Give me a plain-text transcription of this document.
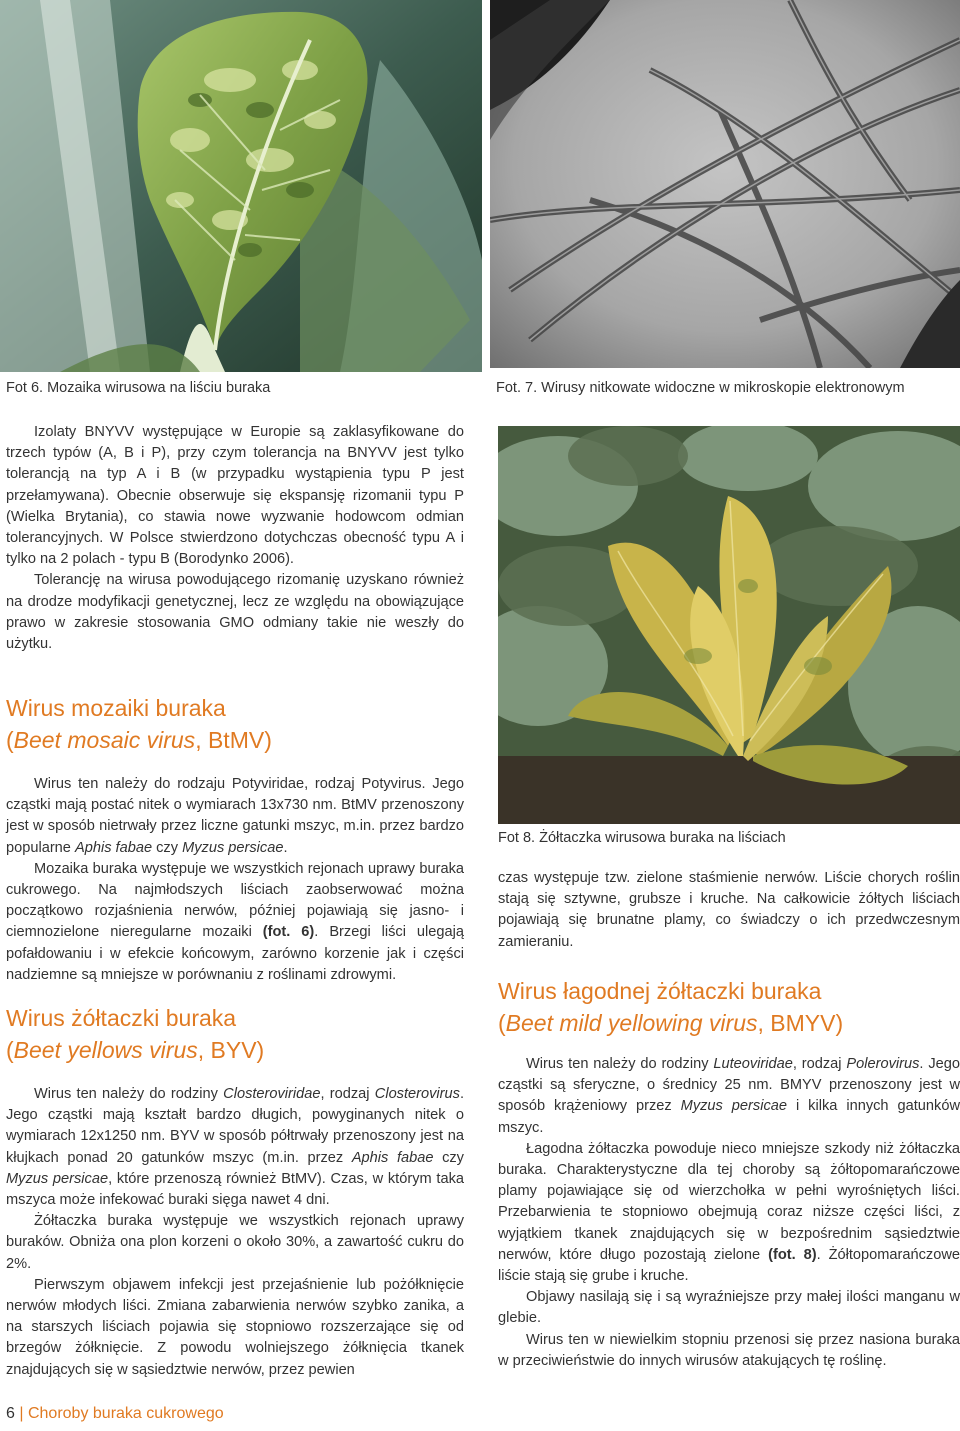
Fot 6. Mozaika wirusowa na liściu buraka	Fot. 7. Wirusy nitkowate widoczne w mikroskopie elektronowym
Fot 8. Żółtaczka wirusowa buraka na liściach

Izolaty BNYVV występujące w Europie są zaklasyfikowane do trzech typów (A, B i P), przy czym tolerancja na BNYVV jest tylko tolerancją na typ A i B (w przypadku wystąpienia typu P jest przełamywana). Obecnie obserwuje się ekspansję rizomanii typu P (Wielka Brytania), co stawia nowe wyzwanie hodowcom odmian tolerancyjnych. W Polsce stwierdzono dotychczas obecność typu A i tylko na 2 polach - typu B (Borodynko 2006).

Tolerancję na wirusa powodującego rizomanię uzyskano również na drodze modyfikacji genetycznej, lecz ze względu na obowiązujące prawo w zakresie stosowania GMO odmiany takie nie weszły do użytku.

Wirus mozaiki buraka
(Beet mosaic virus, BtMV)

Wirus ten należy do rodzaju Potyviridae, rodzaj Potyvirus. Jego cząstki mają postać nitek o wymiarach 13x730 nm. BtMV przenoszony jest w sposób nietrwały przez liczne gatunki mszyc, m.in. przez bardzo popularne Aphis fabae czy Myzus persicae.

Mozaika buraka występuje we wszystkich rejonach uprawy buraka cukrowego. Na najmłodszych liściach zaobserwować można początkowo rozjaśnienia nerwów, później pojawiają się jasno- i ciemnozielone nieregularne mozaiki (fot. 6). Brzegi liści ulegają pofałdowaniu i w efekcie końcowym, zarówno korzenie jak i części nadziemne są mniejsze w porównaniu z roślinami zdrowymi.

Wirus żółtaczki buraka
(Beet yellows virus, BYV)

Wirus ten należy do rodziny Closteroviridae, rodzaj Closterovirus. Jego cząstki mają kształt bardzo długich, powyginanych nitek o wymiarach 12x1250 nm. BYV w sposób półtrwały przenoszony jest na kłujkach ponad 20 gatunków mszyc (m.in. przez Aphis fabae czy Myzus persicae, które przenoszą również BtMV). Czas, w którym taka mszyca może infekować buraki sięga nawet 4 dni.

Żółtaczka buraka występuje we wszystkich rejonach uprawy buraków. Obniża ona plon korzeni o około 30%, a zawartość cukru do 2%.

Pierwszym objawem infekcji jest przejaśnienie lub pożółknięcie nerwów młodych liści. Zmiana zabarwienia nerwów szybko zanika, a na starszych liściach pojawia się stopniowo rozszerzające się od brzegów żółknięcie. Z powodu wolniejszego żółknięcia tkanek znajdujących się w sąsiedztwie nerwów, przez pewien

czas występuje tzw. zielone staśmienie nerwów. Liście chorych roślin stają się sztywne, grubsze i kruche. Na całkowicie żółtych liściach pojawiają się brunatne plamy, co świadczy o ich przedwczesnym zamieraniu.

Wirus łagodnej żółtaczki buraka
(Beet mild yellowing virus, BMYV)

Wirus ten należy do rodziny Luteoviridae, rodzaj Polerovirus. Jego cząstki są sferyczne, o średnicy 25 nm. BMYV przenoszony jest w sposób krążeniowy przez Myzus persicae i kilka innych gatunków mszyc.

Łagodna żółtaczka powoduje nieco mniejsze szkody niż żółtaczka buraka. Charakterystyczne dla tej choroby są żółtopomarańczowe plamy pojawiające się od wierzchołka w pełni wyrośniętych liści. Przebarwienia te stopniowo obejmują coraz niższe części liści, z wyjątkiem tkanek znajdujących się w bezpośrednim sąsiedztwie nerwów, które długo pozostają zielone (fot. 8). Żółtopomarańczowe liście stają się grube i kruche.

Objawy nasilają się i są wyraźniejsze przy małej ilości manganu w glebie.

Wirus ten w niewielkim stopniu przenosi się przez nasiona buraka w przeciwieństwie do innych wirusów atakujących tę roślinę.

6 | Choroby buraka cukrowego
